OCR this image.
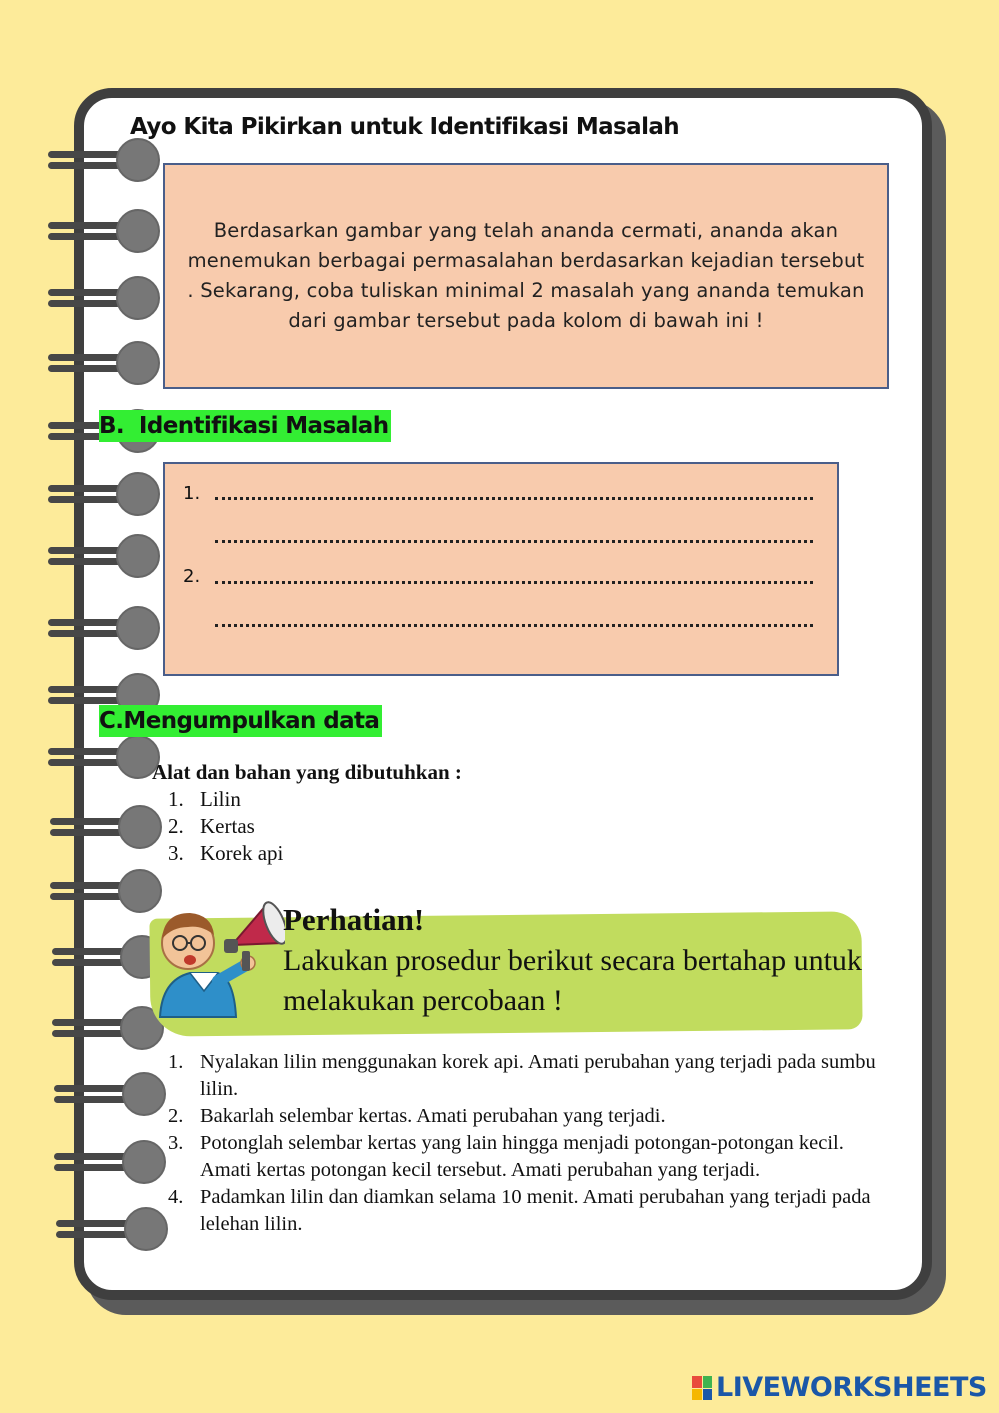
Ayo Kita Pikirkan untuk Identifikasi Masalah
Berdasarkan gambar yang telah ananda cermati, ananda akan menemukan berbagai permasalahan berdasarkan kejadian tersebut . Sekarang, coba tuliskan minimal 2 masalah yang ananda temukan dari gambar tersebut pada kolom di bawah ini !
B. Identifikasi Masalah
1.
2.
C.Mengumpulkan data
Alat dan bahan yang dibutuhkan :
1. Lilin
2. Kertas
3. Korek api
Perhatian!
Lakukan prosedur berikut secara bertahap untuk melakukan percobaan !
1. Nyalakan lilin menggunakan korek api. Amati perubahan yang terjadi pada sumbu lilin.
2. Bakarlah selembar kertas. Amati perubahan yang terjadi.
3. Potonglah selembar kertas yang lain hingga menjadi potongan-potongan kecil. Amati kertas potongan kecil tersebut. Amati perubahan yang terjadi.
4. Padamkan lilin dan diamkan selama 10 menit. Amati perubahan yang terjadi pada lelehan lilin.
LIVEWORKSHEETS
